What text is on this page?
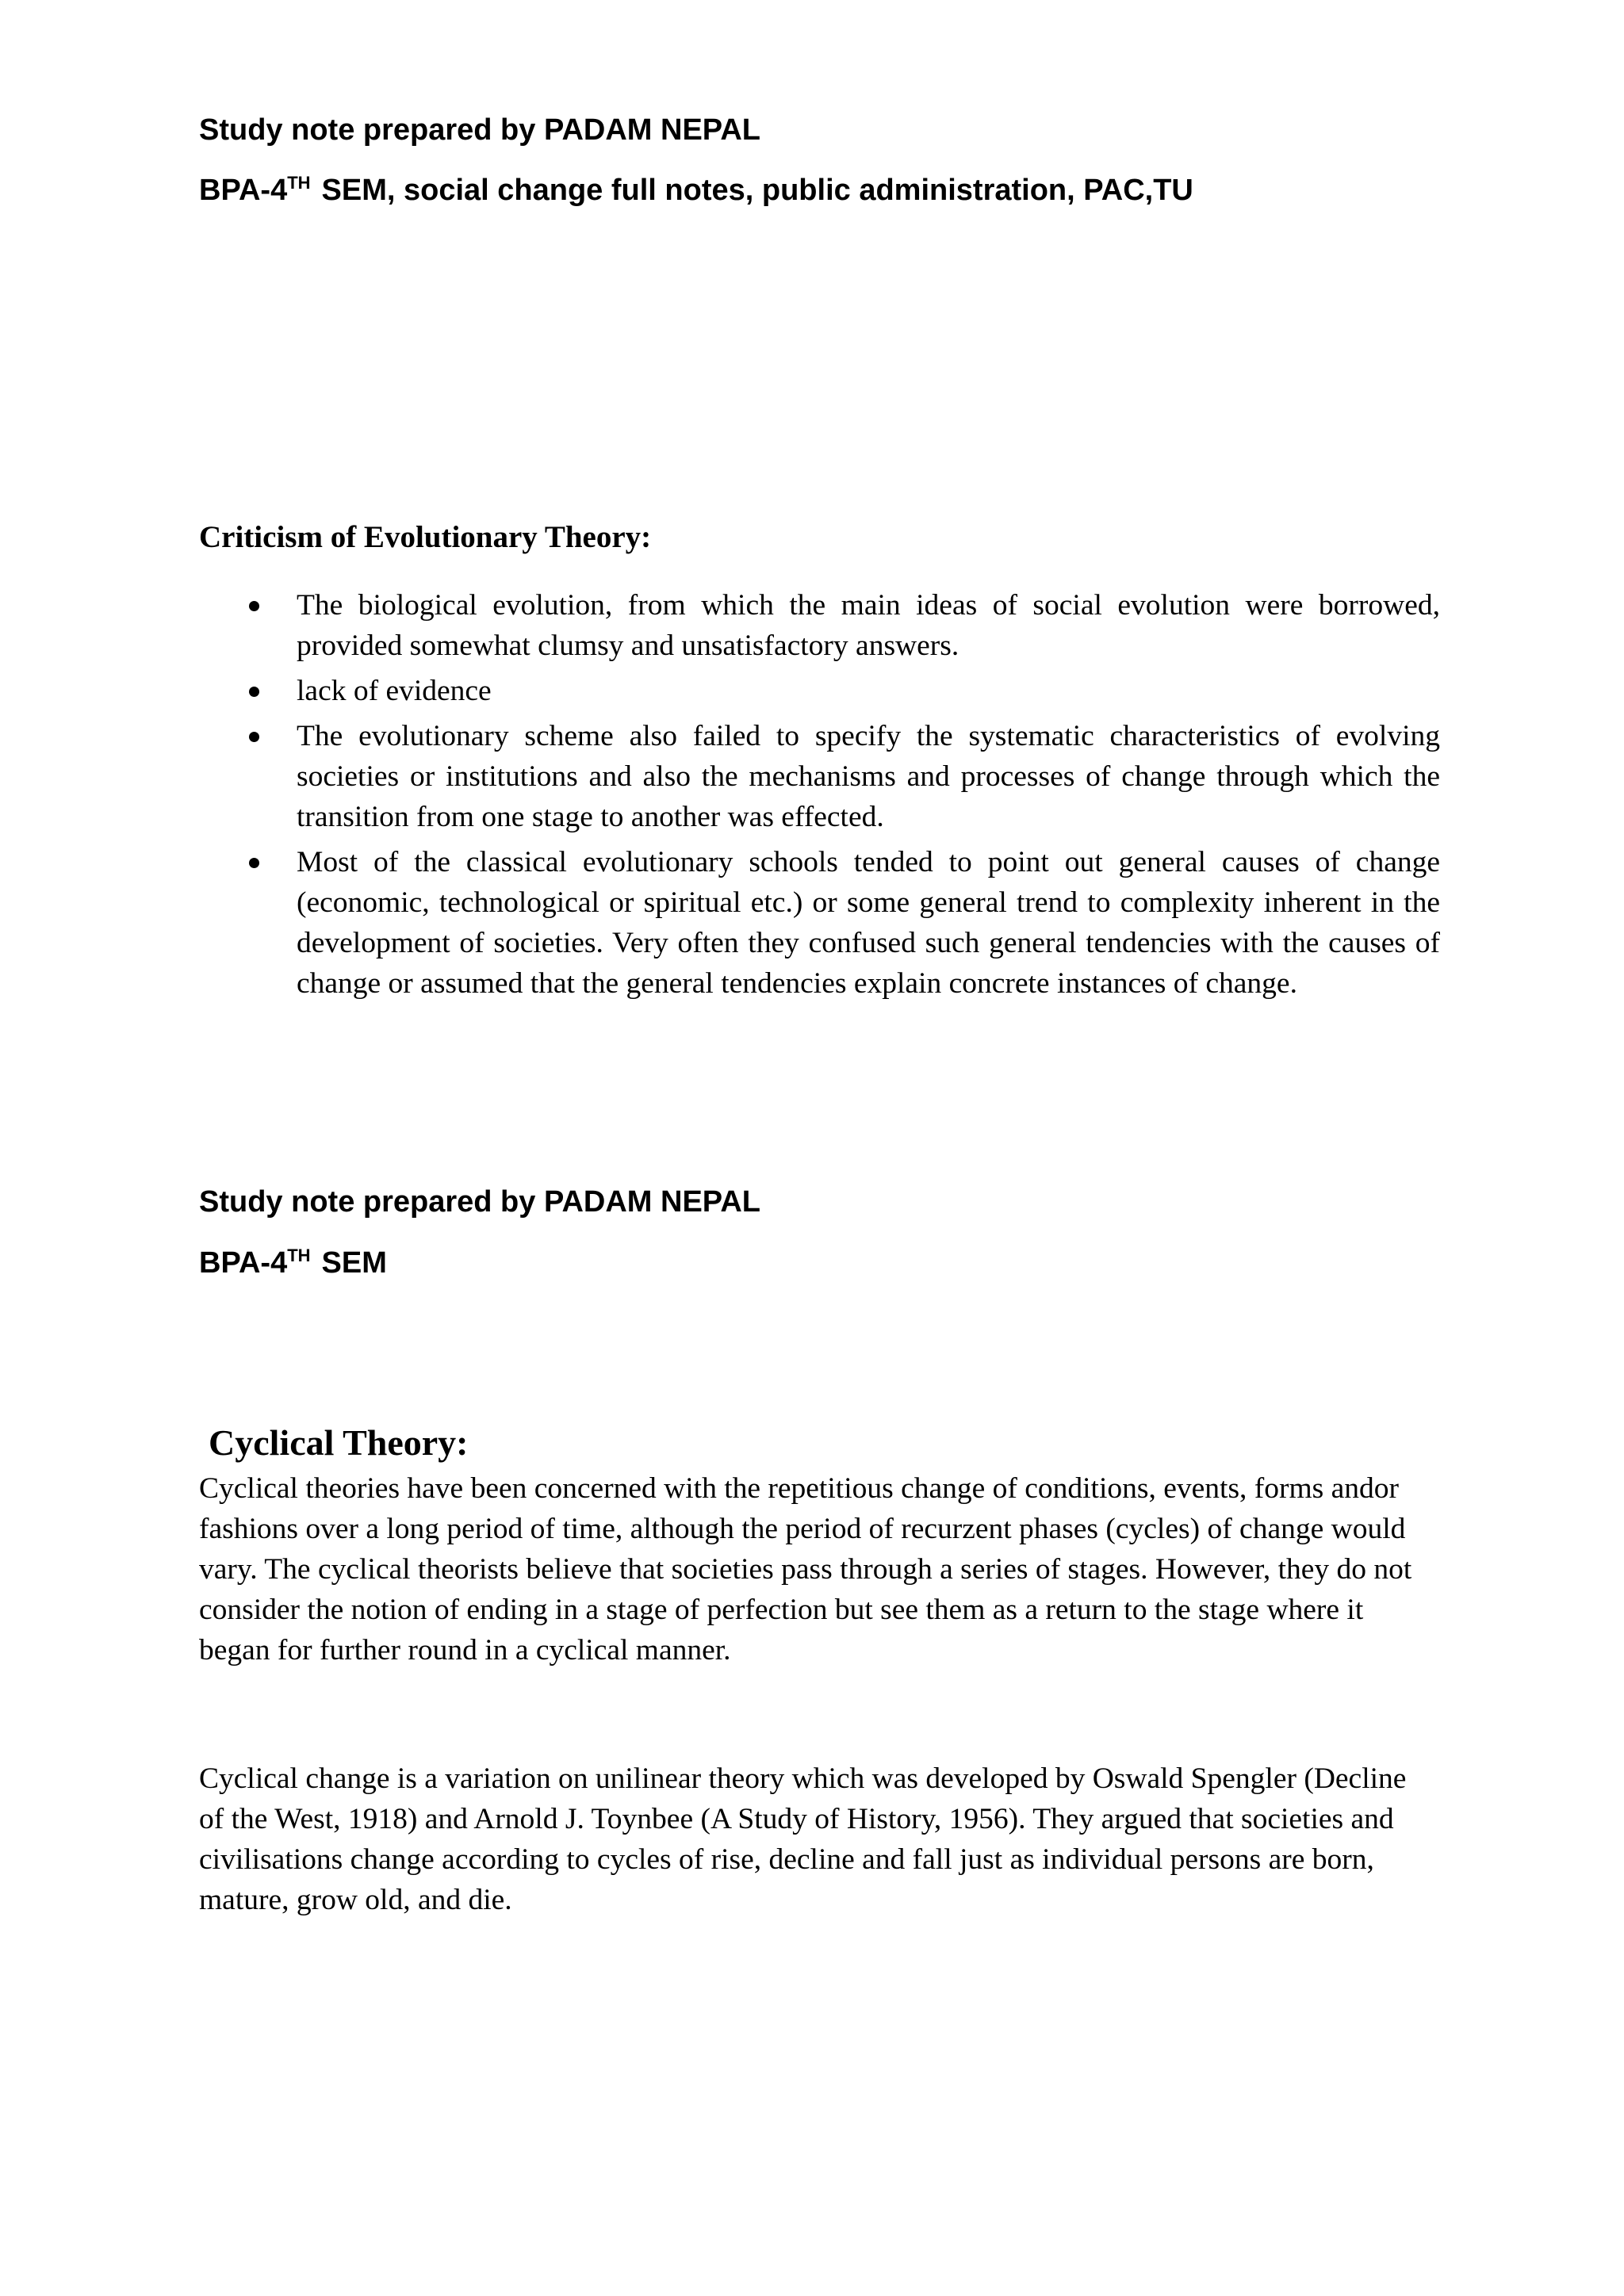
Study note prepared by PADAM NEPAL

BPA-4TH SEM, social change full notes, public administration, PAC,TU

Criticism of Evolutionary Theory:
The biological evolution, from which the main ideas of social evolution were borrowed, provided somewhat clumsy and unsatisfactory answers.
lack of evidence
The evolutionary scheme also failed to specify the systematic characteristics of evolving societies or institutions and also the mechanisms and processes of change through which the transition from one stage to another was effected.
Most of the classical evolutionary schools tended to point out general causes of change (economic, technological or spiritual etc.) or some general trend to complexity inherent in the development of societies. Very often they confused such general tendencies with the causes of change or assumed that the general tendencies explain concrete instances of change.

Study note prepared by PADAM NEPAL

BPA-4TH SEM

Cyclical Theory:

Cyclical theories have been concerned with the repetitious change of conditions, events, forms andor fashions over a long period of time, although the period of recurzent phases (cycles) of change would vary. The cyclical theorists believe that societies pass through a series of stages. However, they do not consider the notion of ending in a stage of perfection but see them as a return to the stage where it began for further round in a cyclical manner.

Cyclical change is a variation on unilinear theory which was developed by Oswald Spengler (Decline of the West, 1918) and Arnold J. Toynbee (A Study of History, 1956). They argued that societies and civilisations change according to cycles of rise, decline and fall just as individual persons are born, mature, grow old, and die.
